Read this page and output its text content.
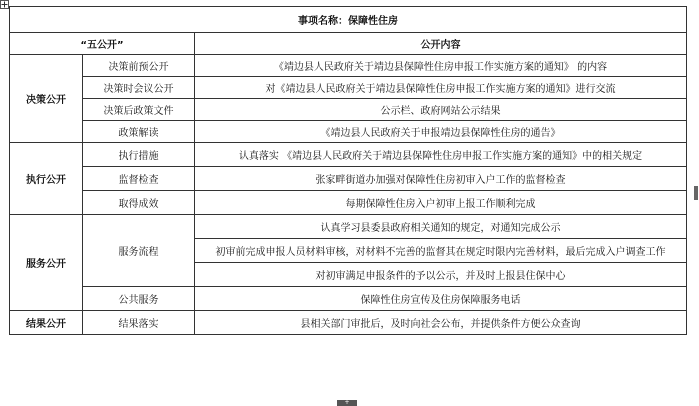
事项名称：保障性住房		
“五公开”		公开内容
决策公开	决策前预公开	《靖边县人民政府关于靖边县保障性住房申报工作实施方案的通知》 的内容
	决策时会议公开	对《靖边县人民政府关于靖边县保障性住房申报工作实施方案的通知》进行交流
	决策后政策文件	公示栏、政府网站公示结果
	政策解读	《靖边县人民政府关于申报靖边县保障性住房的通告》
执行公开	执行措施	认真落实 《靖边县人民政府关于靖边县保障性住房申报工作实施方案的通知》中的相关规定
	监督检查	张家畔街道办加强对保障性住房初审入户工作的监督检查
	取得成效	每期保障性住房入户初审上报工作顺利完成
服务公开	服务流程	认真学习县委县政府相关通知的规定，对通知完成公示
		初审前完成申报人员材料审核，对材料不完善的监督其在规定时限内完善材料，最后完成入户调查工作
		对初审满足申报条件的予以公示，并及时上报县住保中心
	公共服务	保障性住房宣传及住房保障服务电话
结果公开	结果落实	县相关部门审批后，及时向社会公布，并提供条件方便公众查询
+
